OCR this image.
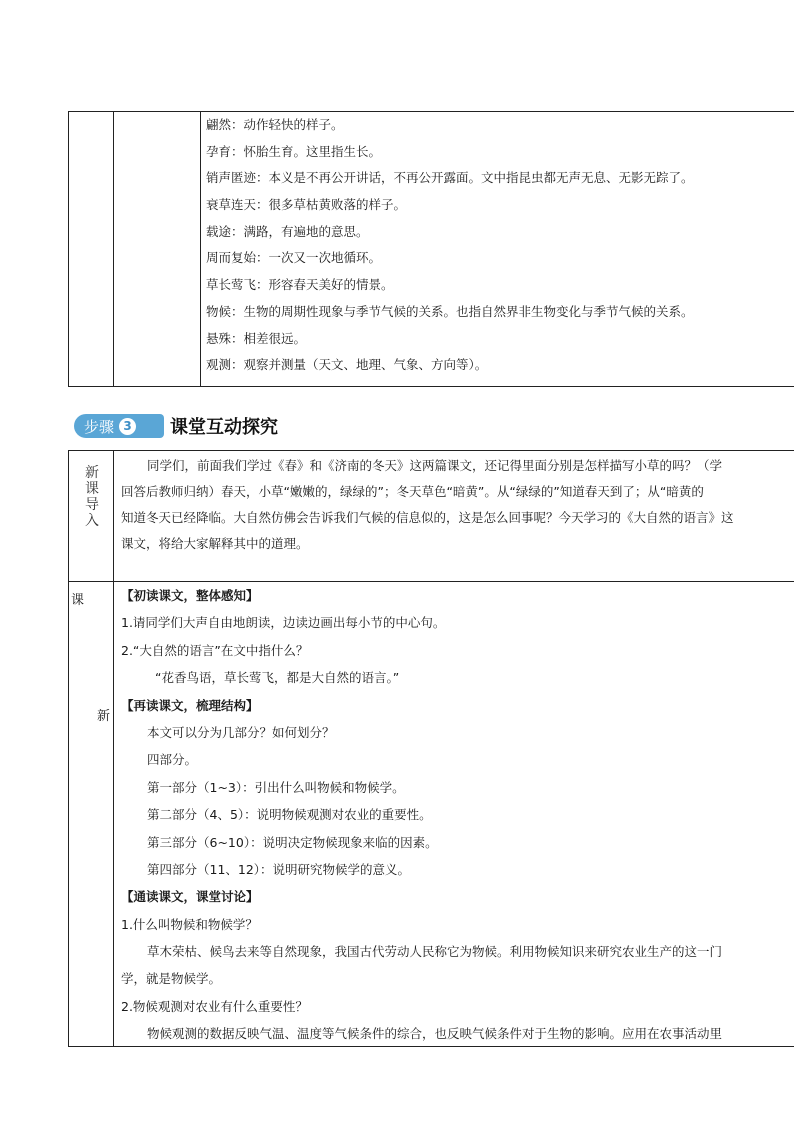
翩然：动作轻快的样子。
孕育：怀胎生育。这里指生长。
销声匿迹：本义是不再公开讲话，不再公开露面。文中指昆虫都无声无息、无影无踪了。
衰草连天：很多草枯黄败落的样子。
载途：满路，有遍地的意思。
周而复始：一次又一次地循环。
草长莺飞：形容春天美好的情景。
物候：生物的周期性现象与季节气候的关系。也指自然界非生物变化与季节气候的关系。
悬殊：相差很远。
观测：观察并测量（天文、地理、气象、方向等）。
步骤 3 课堂互动探究
新课导入
同学们，前面我们学过《春》和《济南的冬天》这两篇课文，还记得里面分别是怎样描写小草的吗？（学
回答后教师归纳）春天，小草“嫩嫩的，绿绿的”；冬天草色“暗黄”。从“绿绿的”知道春天到了；从“暗黄的
知道冬天已经降临。大自然仿佛会告诉我们气候的信息似的，这是怎么回事呢？今天学习的《大自然的语言》这
课文，将给大家解释其中的道理。
课
新
【初读课文，整体感知】
1.请同学们大声自由地朗读，边读边画出每小节的中心句。
2.“大自然的语言”在文中指什么？
“花香鸟语，草长莺飞，都是大自然的语言。”
【再读课文，梳理结构】
本文可以分为几部分？如何划分？
四部分。
第一部分（1~3）：引出什么叫物候和物候学。
第二部分（4、5）：说明物候观测对农业的重要性。
第三部分（6~10）：说明决定物候现象来临的因素。
第四部分（11、12）：说明研究物候学的意义。
【通读课文，课堂讨论】
1.什么叫物候和物候学？
草木荣枯、候鸟去来等自然现象，我国古代劳动人民称它为物候。利用物候知识来研究农业生产的这一门
学，就是物候学。
2.物候观测对农业有什么重要性？
物候观测的数据反映气温、温度等气候条件的综合，也反映气候条件对于生物的影响。应用在农事活动里
